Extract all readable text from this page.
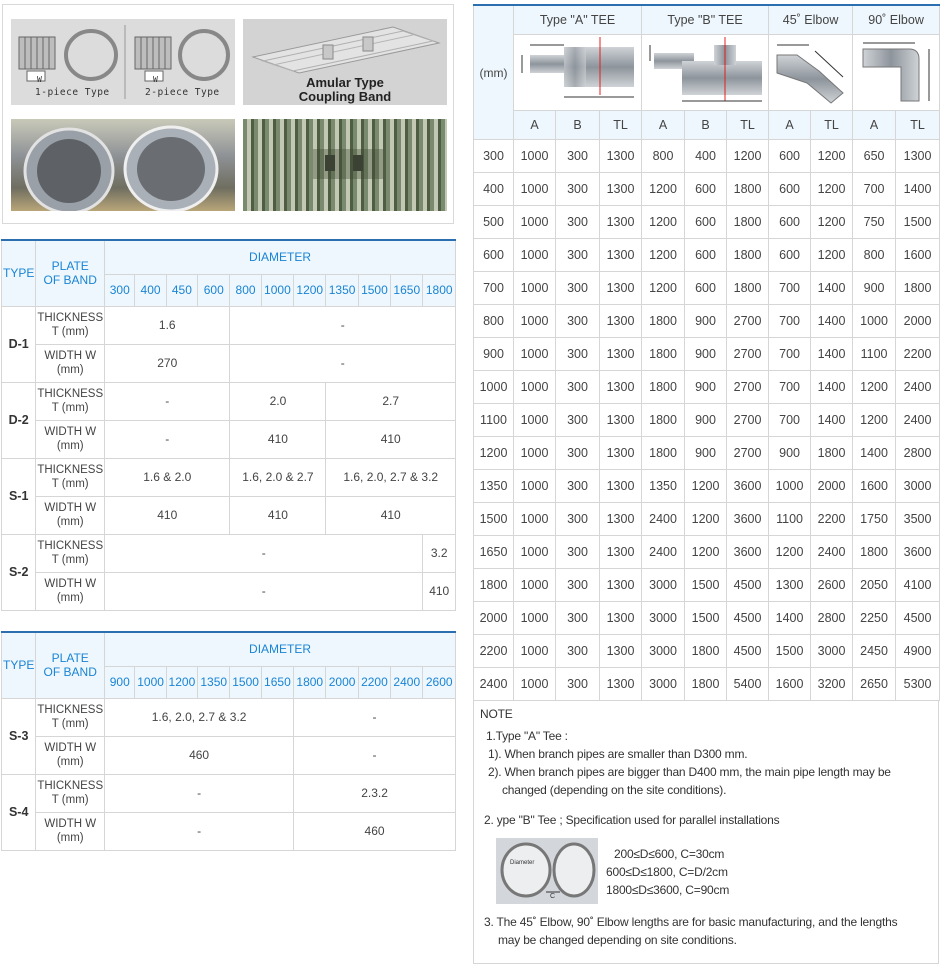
W	W
1-piece Type	2-piece Type
Amular Type
Coupling Band
TYPE	PLATE OF BAND	DIAMETER										
		300	400	450	600	800	1000	1200	1350	1500	1650	1800
D-1	THICKNESS T (mm)	1.6				-						
	WIDTH W (mm)	270				-						
D-2	THICKNESS T (mm)	-				2.0			2.7			
	WIDTH W (mm)	-				410			410			
S-1	THICKNESS T (mm)	1.6 & 2.0				1.6, 2.0 & 2.7			1.6, 2.0, 2.7 & 3.2			
	WIDTH W (mm)	410				410			410			
S-2	THICKNESS T (mm)	-										3.2
	WIDTH W (mm)	-										410
TYPE	PLATE OF BAND	DIAMETER										
		900	1000	1200	1350	1500	1650	1800	2000	2200	2400	2600
S-3	THICKNESS T (mm)	1.6, 2.0, 2.7 & 3.2						-				
	WIDTH W (mm)	460						-				
S-4	THICKNESS T (mm)	-						2.3.2				
	WIDTH W (mm)	-						460				
(mm)	Type "A" TEE			Type "B" TEE			45˚ Elbow		90˚ Elbow	

	A	B	TL	A	B	TL	A	TL	A	TL
300	1000	300	1300	800	400	1200	600	1200	650	1300
400	1000	300	1300	1200	600	1800	600	1200	700	1400
500	1000	300	1300	1200	600	1800	600	1200	750	1500
600	1000	300	1300	1200	600	1800	600	1200	800	1600
700	1000	300	1300	1200	600	1800	700	1400	900	1800
800	1000	300	1300	1800	900	2700	700	1400	1000	2000
900	1000	300	1300	1800	900	2700	700	1400	1100	2200
1000	1000	300	1300	1800	900	2700	700	1400	1200	2400
1100	1000	300	1300	1800	900	2700	700	1400	1200	2400
1200	1000	300	1300	1800	900	2700	900	1800	1400	2800
1350	1000	300	1300	1350	1200	3600	1000	2000	1600	3000
1500	1000	300	1300	2400	1200	3600	1100	2200	1750	3500
1650	1000	300	1300	2400	1200	3600	1200	2400	1800	3600
1800	1000	300	1300	3000	1500	4500	1300	2600	2050	4100
2000	1000	300	1300	3000	1500	4500	1400	2800	2250	4500
2200	1000	300	1300	3000	1800	4500	1500	3000	2450	4900
2400	1000	300	1300	3000	1800	5400	1600	3200	2650	5300
NOTE
1.Type "A" Tee :
1). When branch pipes are smaller than D300 mm.
2). When branch pipes are bigger than D400 mm, the main pipe length may be
changed (depending on the site conditions).
2. ype "B" Tee ; Specification used for parallel installations
Diameter
C
200≤D≤600, C=30cm
600≤D≤1800, C=D/2cm
1800≤D≤3600, C=90cm
3. The 45˚ Elbow, 90˚ Elbow lengths are for basic manufacturing, and the lengths
may be changed depending on site conditions.
